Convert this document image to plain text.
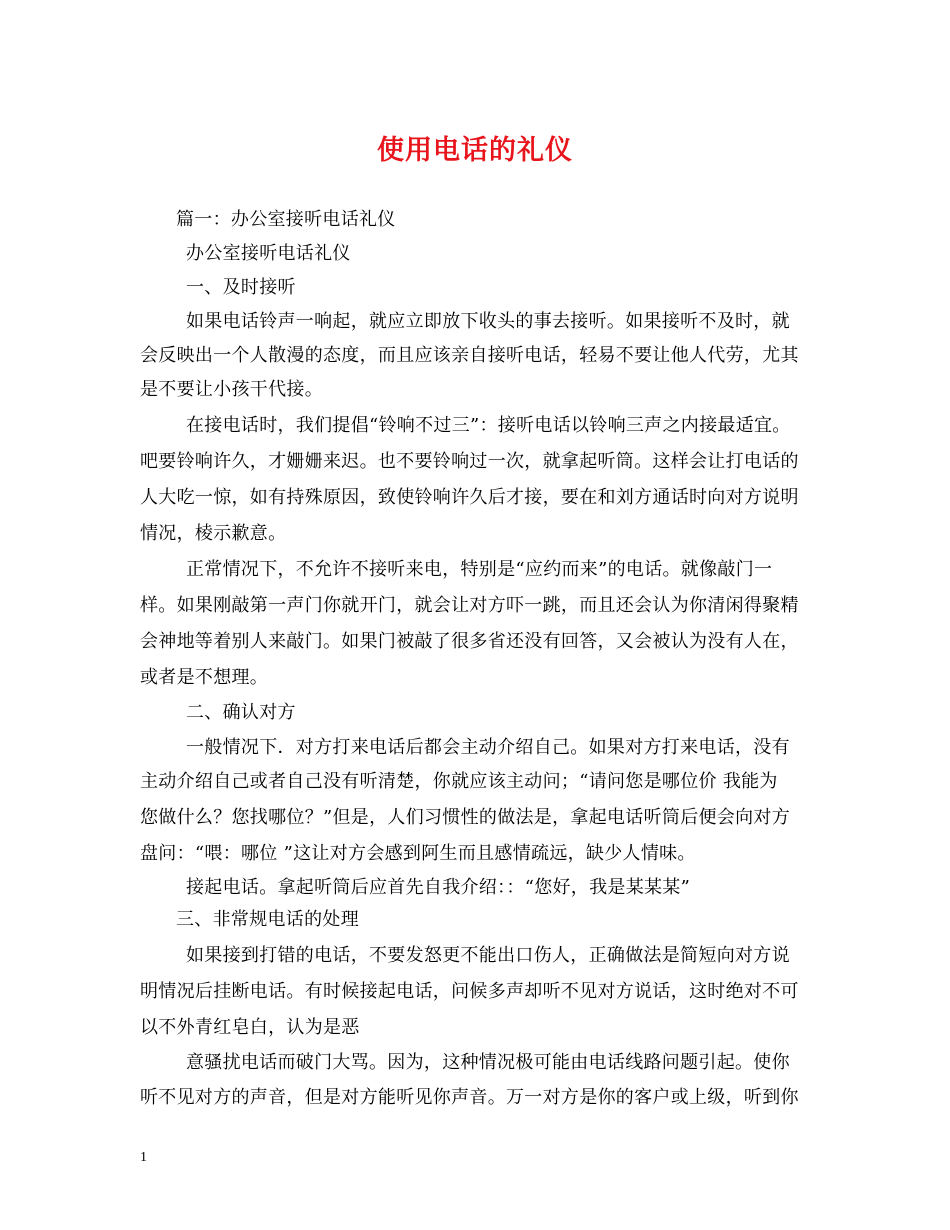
使用电话的礼仪
篇一：办公室接听电话礼仪
办公室接听电话礼仪
一、及时接听
如果电话铃声一响起，就应立即放下收头的事去接听。如果接听不及时，就
会反映出一个人散漫的态度，而且应该亲自接听电话，轻易不要让他人代劳，尤其
是不要让小孩干代接。
在接电话时，我们提倡“铃响不过三”：接听电话以铃响三声之内接最适宜。
吧要铃响许久，才姗姗来迟。也不要铃响过一次，就拿起听筒。这样会让打电话的
人大吃一惊，如有持殊原因，致使铃响许久后才接，要在和刘方通话时向对方说明
情况，棱示歉意。
正常情况下，不允许不接听来电，特别是“应约而来”的电话。就像敲门一
样。如果刚敲第一声门你就开门，就会让对方吓一跳，而且还会认为你清闲得聚精
会神地等着别人来敲门。如果门被敲了很多省还没有回答，又会被认为没有人在，
或者是不想理。
二、确认对方
一般情况下．对方打来电话后都会主动介绍自己。如果对方打来电话，没有
主动介绍自己或者自己没有听清楚，你就应该主动问；“请问您是哪位价 我能为
您做什么？您找哪位？”但是，人们习惯性的做法是，拿起电话听筒后便会向对方
盘问：“喂：哪位 ”这让对方会感到阿生而且感情疏远，缺少人情味。
接起电话。拿起听筒后应首先自我介绍：：“您好，我是某某某”
三、非常规电话的处理
如果接到打错的电话，不要发怒更不能出口伤人，正确做法是简短向对方说
明情况后挂断电话。有时候接起电话，问候多声却听不见对方说话，这时绝对不可
以不外青红皂白，认为是恶
意骚扰电话而破门大骂。因为，这种情况极可能由电话线路问题引起。使你
听不见对方的声音，但是对方能听见你声音。万一对方是你的客户或上级，听到你
1
